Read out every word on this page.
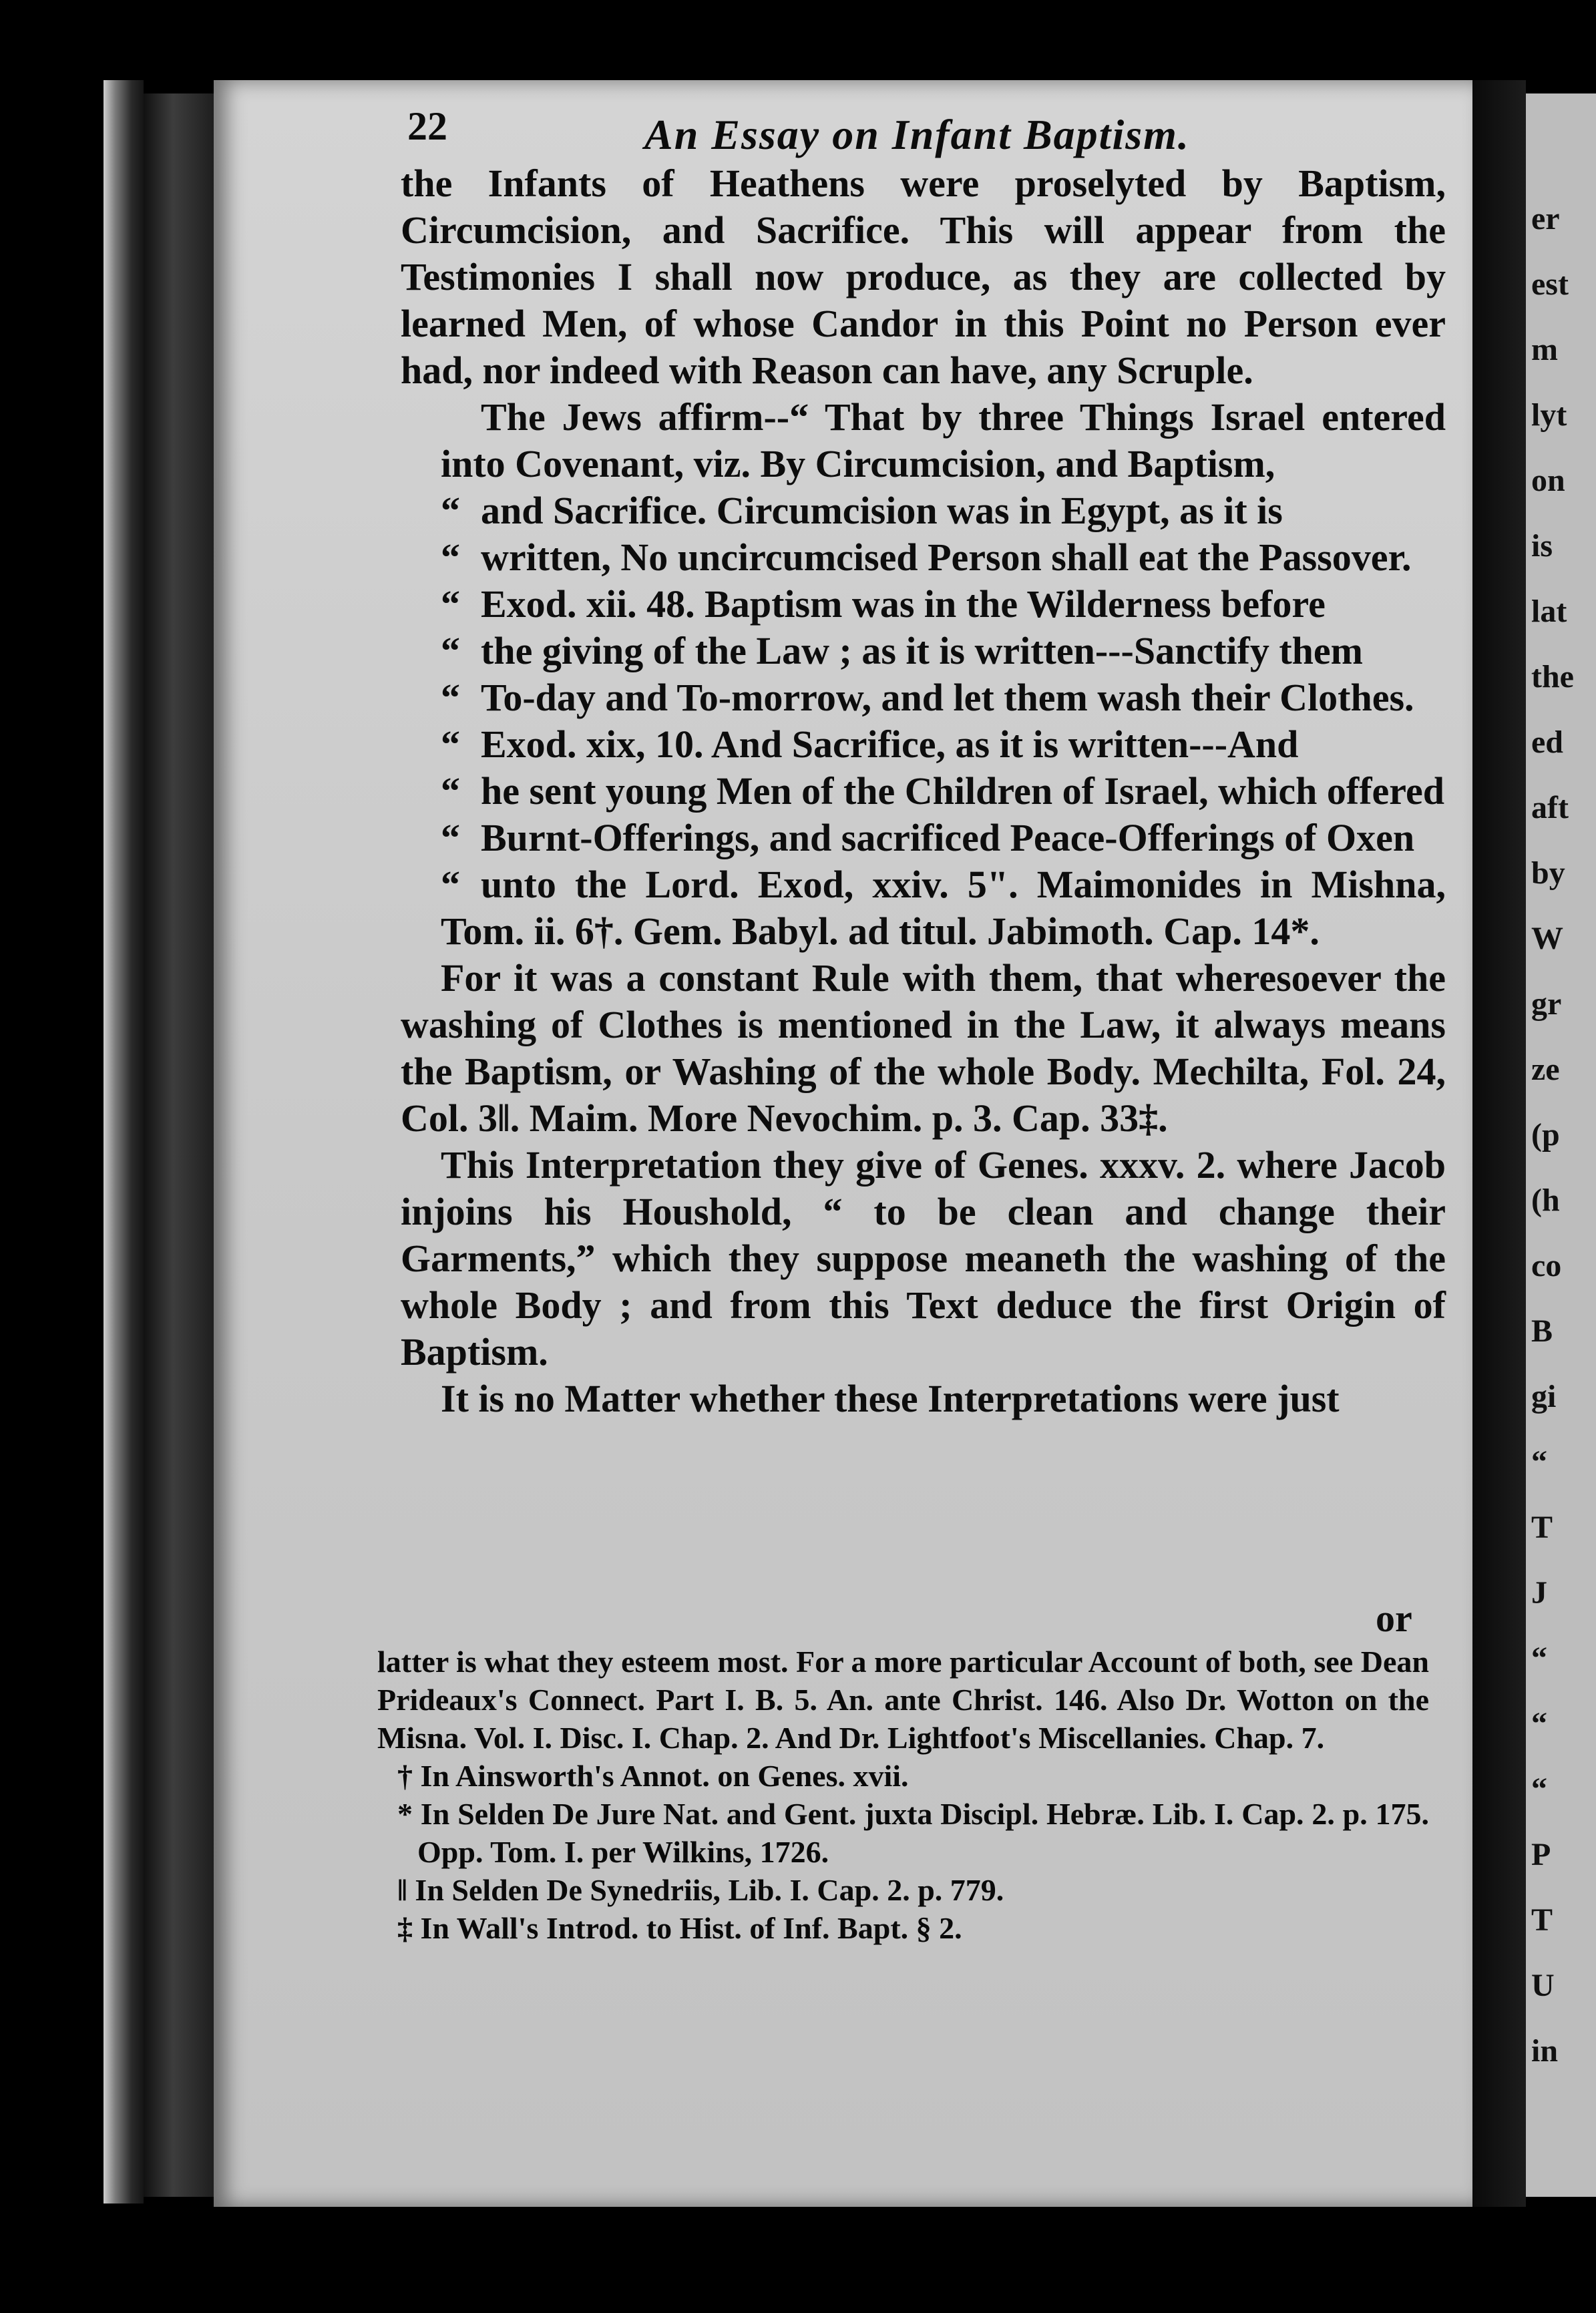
22	An Essay on Infant Baptism.

the Infants of Heathens were proselyted by Baptism, Circumcision, and Sacrifice. This will appear from the Testimonies I shall now produce, as they are collected by learned Men, of whose Candor in this Point no Person ever had, nor indeed with Reason can have, any Scruple.

The Jews affirm--“ That by three Things Israel entered into Covenant, viz. By Circumcision, and Baptism,
“ and Sacrifice. Circumcision was in Egypt, as it is
“ written, No uncircumcised Person shall eat the Passover.
“ Exod. xii. 48. Baptism was in the Wilderness before
“ the giving of the Law ; as it is written---Sanctify them
“ To-day and To-morrow, and let them wash their Clothes.
“ Exod. xix, 10. And Sacrifice, as it is written---And
“ he sent young Men of the Children of Israel, which offered
“ Burnt-Offerings, and sacrificed Peace-Offerings of Oxen
“ unto the Lord. Exod, xxiv. 5". Maimonides in Mishna, Tom. ii. 6†. Gem. Babyl. ad titul. Jabimoth. Cap. 14*.

For it was a constant Rule with them, that wheresoever the washing of Clothes is mentioned in the Law, it always means the Baptism, or Washing of the whole Body. Mechilta, Fol. 24, Col. 3‖. Maim. More Nevochim. p. 3. Cap. 33‡.

This Interpretation they give of Genes. xxxv. 2. where Jacob injoins his Houshold, “ to be clean and change their Garments,” which they suppose meaneth the washing of the whole Body ; and from this Text deduce the first Origin of Baptism.

It is no Matter whether these Interpretations were just

or

latter is what they esteem most. For a more particular Account of both, see Dean Prideaux's Connect. Part I. B. 5. An. ante Christ. 146. Also Dr. Wotton on the Misna. Vol. I. Disc. I. Chap. 2. And Dr. Lightfoot's Miscellanies. Chap. 7.

† In Ainsworth's Annot. on Genes. xvii.

* In Selden De Jure Nat. and Gent. juxta Discipl. Hebræ. Lib. I. Cap. 2. p. 175. Opp. Tom. I. per Wilkins, 1726.

‖ In Selden De Synedriis, Lib. I. Cap. 2. p. 779.

‡ In Wall's Introd. to Hist. of Inf. Bapt. § 2.

er
est
m
lyt
on
is
lat
the
ed
aft
by
W
gr
ze
(p
(h
co
B
gi
“
T
J
“
“
“
P
T
U
in
